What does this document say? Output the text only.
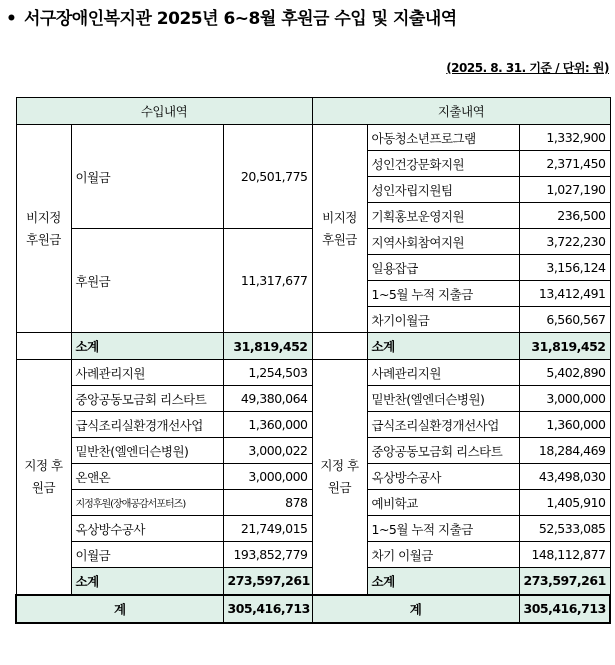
• 서구장애인복지관 2025년 6~8월 후원금 수입 및 지출내역
(2025. 8. 31. 기준 / 단위: 원)
수입내역			지출내역		
비지정 후원금	이월금	20,501,775	비지정 후원금	아동청소년프로그램	1,332,900
				성인건강문화지원	2,371,450
				성인자립지원팀	1,027,190
				기획홍보운영지원	236,500
	후원금	11,317,677		지역사회참여지원	3,722,230
				일용잡급	3,156,124
				1~5월 누적 지출금	13,412,491
				차기이월금	6,560,567
	소계	31,819,452		소계	31,819,452
지정 후원금	사례관리지원	1,254,503	지정 후원금	사례관리지원	5,402,890
	중앙공동모금회 리스타트	49,380,064		밑반찬(엘엔더슨병원)	3,000,000
	급식조리실환경개선사업	1,360,000		급식조리실환경개선사업	1,360,000
	밑반찬(엘엔더슨병원)	3,000,022		중앙공동모금회 리스타트	18,284,469
	온앤온	3,000,000		옥상방수공사	43,498,030
	지정후원(장애공감서포터즈)	878		예비학교	1,405,910
	옥상방수공사	21,749,015		1~5월 누적 지출금	52,533,085
	이월금	193,852,779		차기 이월금	148,112,877
	소계	273,597,261		소계	273,597,261
계		305,416,713	계		305,416,713
